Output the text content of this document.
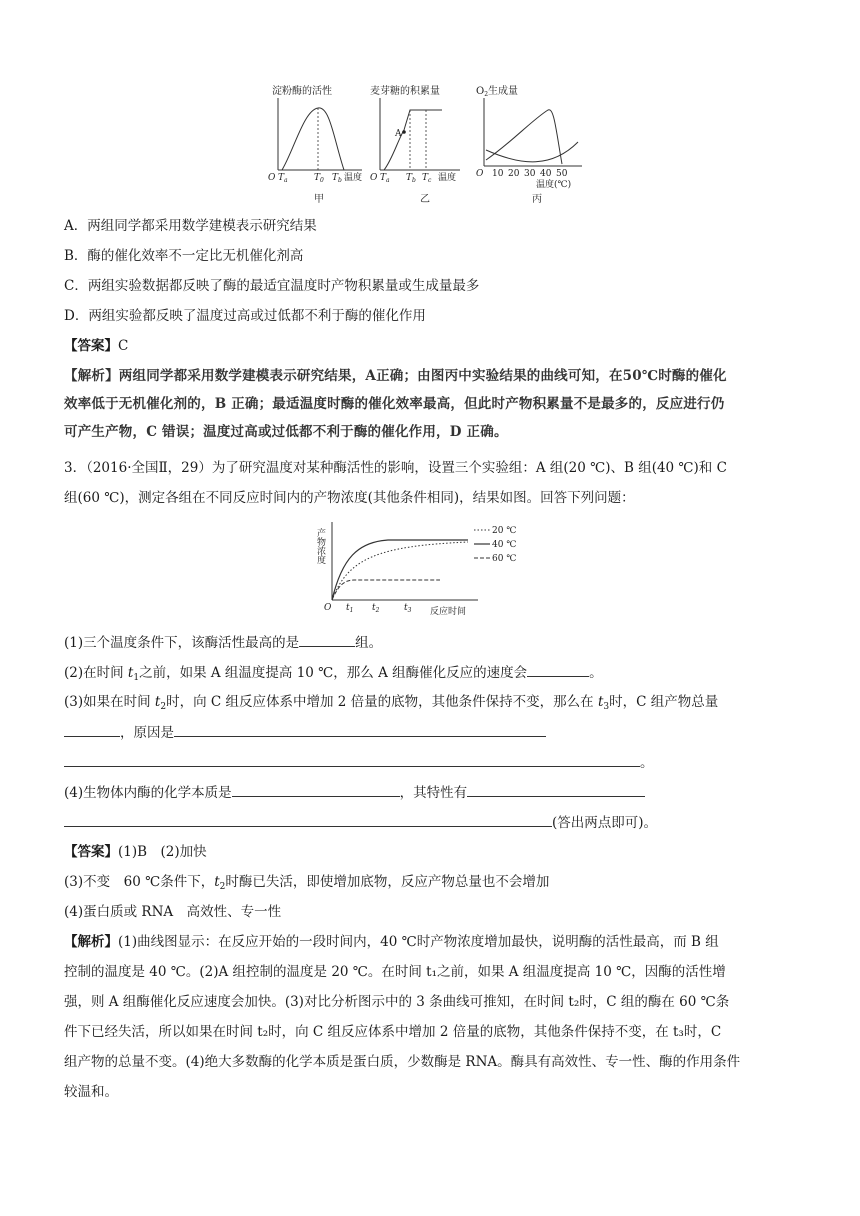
淀粉酶的活性
O $T_a$	$T_0$ $T_b$ 温度
甲
麦芽糖的积累量
A
O $T_a$ $T_b$ $T_c$ 温度
乙
$O_2$生成量
O 10 20 30 40 50
温度(℃)
丙
A．两组同学都采用数学建模表示研究结果
B．酶的催化效率不一定比无机催化剂高
C．两组实验数据都反映了酶的最适宜温度时产物积累量或生成量最多
D．两组实验都反映了温度过高或过低都不利于酶的催化作用
【答案】C
【解析】两组同学都采用数学建模表示研究结果，A正确；由图丙中实验结果的曲线可知，在50℃时酶的催化
效率低于无机催化剂的，B 正确；最适温度时酶的催化效率最高，但此时产物积累量不是最多的，反应进行仍
可产生产物，C 错误；温度过高或过低都不利于酶的催化作用，D 正确。
3．（2016·全国Ⅱ，29）为了研究温度对某种酶活性的影响，设置三个实验组：A 组(20 ℃)、B 组(40 ℃)和 C
组(60 ℃)，测定各组在不同反应时间内的产物浓度(其他条件相同)，结果如图。回答下列问题：
产物浓度
O $t_1$ $t_2$	$t_3$ 反应时间
20 ℃
40 ℃
60 ℃
(1)三个温度条件下，该酶活性最高的是	组。
(2)在时间 $t_1$之前，如果 A 组温度提高 10 ℃，那么 A 组酶催化反应的速度会	。
(3)如果在时间 $t_2$时，向 C 组反应体系中增加 2 倍量的底物，其他条件保持不变，那么在 $t_3$时，C 组产物总量
，原因是
。
(4)生物体内酶的化学本质是	，其特性有
(答出两点即可)。
【答案】(1)B　(2)加快
(3)不变　60 ℃条件下，$t_2$时酶已失活，即使增加底物，反应产物总量也不会增加
(4)蛋白质或 RNA　高效性、专一性
【解析】(1)曲线图显示：在反应开始的一段时间内，40 ℃时产物浓度增加最快，说明酶的活性最高，而 B 组
控制的温度是 40 ℃。(2)A 组控制的温度是 20 ℃。在时间 t₁之前，如果 A 组温度提高 10 ℃，因酶的活性增
强，则 A 组酶催化反应速度会加快。(3)对比分析图示中的 3 条曲线可推知，在时间 t₂时，C 组的酶在 60 ℃条
件下已经失活，所以如果在时间 t₂时，向 C 组反应体系中增加 2 倍量的底物，其他条件保持不变，在 t₃时，C
组产物的总量不变。(4)绝大多数酶的化学本质是蛋白质，少数酶是 RNA。酶具有高效性、专一性、酶的作用条件
较温和。
